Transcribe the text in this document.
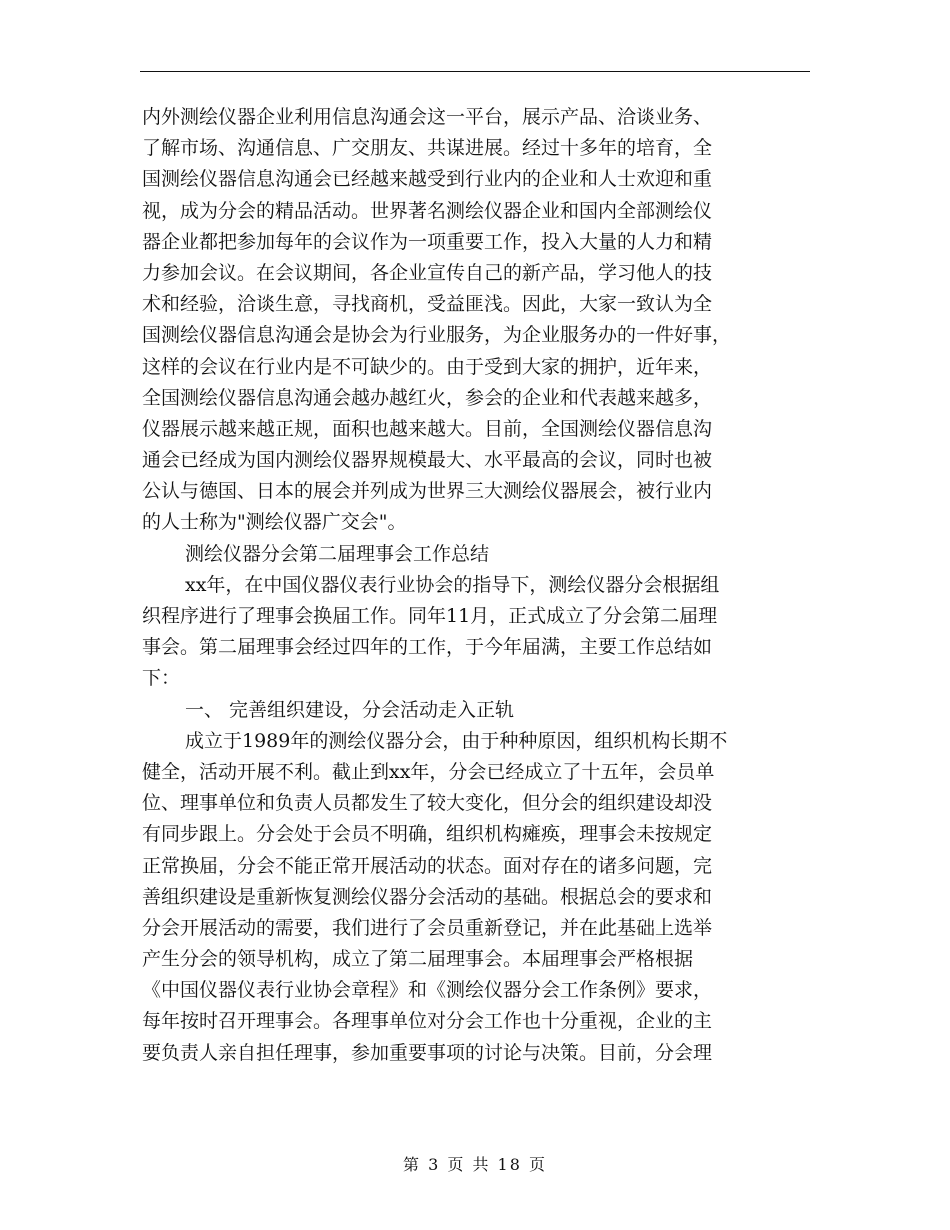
内外测绘仪器企业利用信息沟通会这一平台，展示产品、洽谈业务、
了解市场、沟通信息、广交朋友、共谋进展。经过十多年的培育，全
国测绘仪器信息沟通会已经越来越受到行业内的企业和人士欢迎和重
视，成为分会的精品活动。世界著名测绘仪器企业和国内全部测绘仪
器企业都把参加每年的会议作为一项重要工作，投入大量的人力和精
力参加会议。在会议期间，各企业宣传自己的新产品，学习他人的技
术和经验，洽谈生意，寻找商机，受益匪浅。因此，大家一致认为全
国测绘仪器信息沟通会是协会为行业服务，为企业服务办的一件好事，
这样的会议在行业内是不可缺少的。由于受到大家的拥护，近年来，
全国测绘仪器信息沟通会越办越红火，参会的企业和代表越来越多，
仪器展示越来越正规，面积也越来越大。目前，全国测绘仪器信息沟
通会已经成为国内测绘仪器界规模最大、水平最高的会议，同时也被
公认与德国、日本的展会并列成为世界三大测绘仪器展会，被行业内
的人士称为"测绘仪器广交会"。
测绘仪器分会第二届理事会工作总结
xx年，在中国仪器仪表行业协会的指导下，测绘仪器分会根据组
织程序进行了理事会换届工作。同年11月，正式成立了分会第二届理
事会。第二届理事会经过四年的工作，于今年届满，主要工作总结如
下：
一、 完善组织建设，分会活动走入正轨
成立于1989年的测绘仪器分会，由于种种原因，组织机构长期不
健全，活动开展不利。截止到xx年，分会已经成立了十五年，会员单
位、理事单位和负责人员都发生了较大变化，但分会的组织建设却没
有同步跟上。分会处于会员不明确，组织机构瘫痪，理事会未按规定
正常换届，分会不能正常开展活动的状态。面对存在的诸多问题，完
善组织建设是重新恢复测绘仪器分会活动的基础。根据总会的要求和
分会开展活动的需要，我们进行了会员重新登记，并在此基础上选举
产生分会的领导机构，成立了第二届理事会。本届理事会严格根据
《中国仪器仪表行业协会章程》和《测绘仪器分会工作条例》要求，
每年按时召开理事会。各理事单位对分会工作也十分重视，企业的主
要负责人亲自担任理事，参加重要事项的讨论与决策。目前，分会理
第 3 页 共 18 页
